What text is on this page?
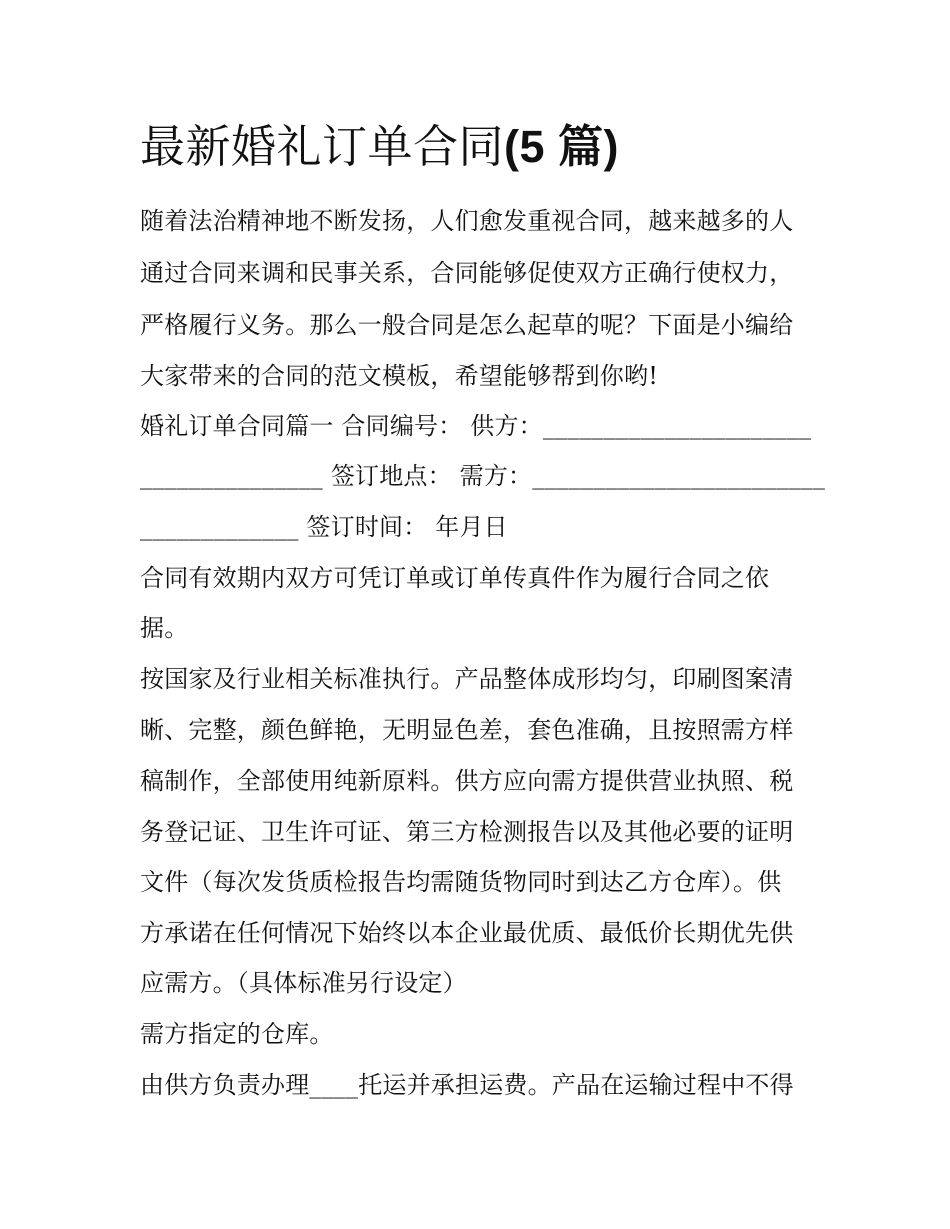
最新婚礼订单合同(5 篇)

随着法治精神地不断发扬，人们愈发重视合同，越来越多的人

通过合同来调和民事关系，合同能够促使双方正确行使权力，

严格履行义务。那么一般合同是怎么起草的呢？下面是小编给

大家带来的合同的范文模板，希望能够帮到你哟!

婚礼订单合同篇一 合同编号： 供方：______________________

_______________ 签订地点： 需方：________________________

_____________ 签订时间： 年月日

合同有效期内双方可凭订单或订单传真件作为履行合同之依

据。

按国家及行业相关标准执行。产品整体成形均匀，印刷图案清

晰、完整，颜色鲜艳，无明显色差，套色准确，且按照需方样

稿制作，全部使用纯新原料。供方应向需方提供营业执照、税

务登记证、卫生许可证、第三方检测报告以及其他必要的证明

文件（每次发货质检报告均需随货物同时到达乙方仓库）。供

方承诺在任何情况下始终以本企业最优质、最低价长期优先供

应需方。（具体标准另行设定）

需方指定的仓库。

由供方负责办理____托运并承担运费。产品在运输过程中不得
